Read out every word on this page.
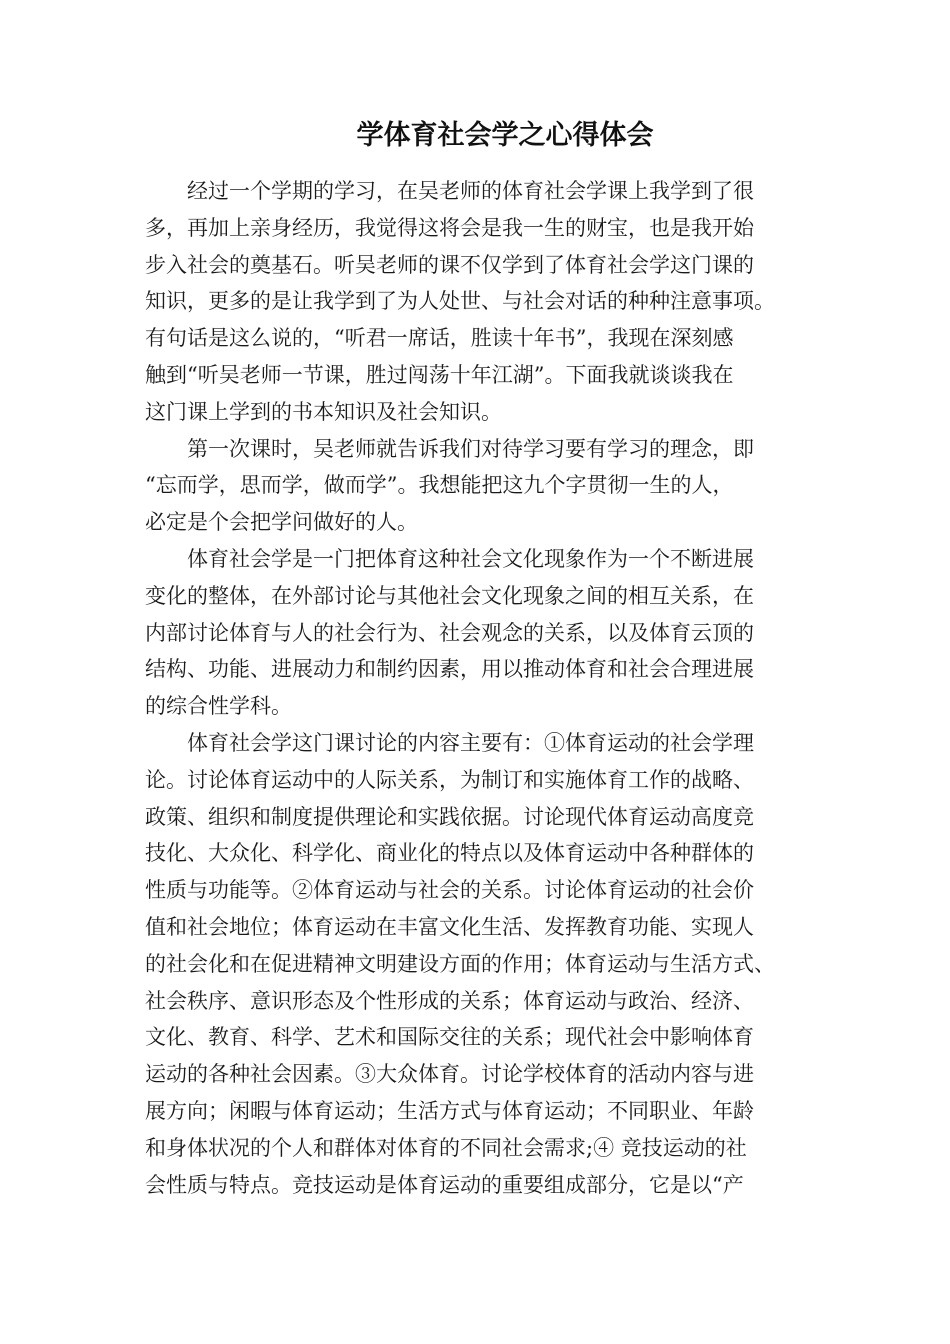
学体育社会学之心得体会
经过一个学期的学习，在吴老师的体育社会学课上我学到了很
多，再加上亲身经历，我觉得这将会是我一生的财宝，也是我开始
步入社会的奠基石。听吴老师的课不仅学到了体育社会学这门课的
知识，更多的是让我学到了为人处世、与社会对话的种种注意事项。
有句话是这么说的，“听君一席话，胜读十年书”，我现在深刻感
触到“听吴老师一节课，胜过闯荡十年江湖”。下面我就谈谈我在
这门课上学到的书本知识及社会知识。
第一次课时，吴老师就告诉我们对待学习要有学习的理念，即
“忘而学，思而学，做而学”。我想能把这九个字贯彻一生的人，
必定是个会把学问做好的人。
体育社会学是一门把体育这种社会文化现象作为一个不断进展
变化的整体，在外部讨论与其他社会文化现象之间的相互关系，在
内部讨论体育与人的社会行为、社会观念的关系，以及体育云顶的
结构、功能、进展动力和制约因素，用以推动体育和社会合理进展
的综合性学科。
体育社会学这门课讨论的内容主要有：①体育运动的社会学理
论。讨论体育运动中的人际关系，为制订和实施体育工作的战略、
政策、组织和制度提供理论和实践依据。讨论现代体育运动高度竞
技化、大众化、科学化、商业化的特点以及体育运动中各种群体的
性质与功能等。②体育运动与社会的关系。讨论体育运动的社会价
值和社会地位；体育运动在丰富文化生活、发挥教育功能、实现人
的社会化和在促进精神文明建设方面的作用；体育运动与生活方式、
社会秩序、意识形态及个性形成的关系；体育运动与政治、经济、
文化、教育、科学、艺术和国际交往的关系；现代社会中影响体育
运动的各种社会因素。③大众体育。讨论学校体育的活动内容与进
展方向；闲暇与体育运动；生活方式与体育运动；不同职业、年龄
和身体状况的个人和群体对体育的不同社会需求;④ 竞技运动的社
会性质与特点。竞技运动是体育运动的重要组成部分，它是以“产
